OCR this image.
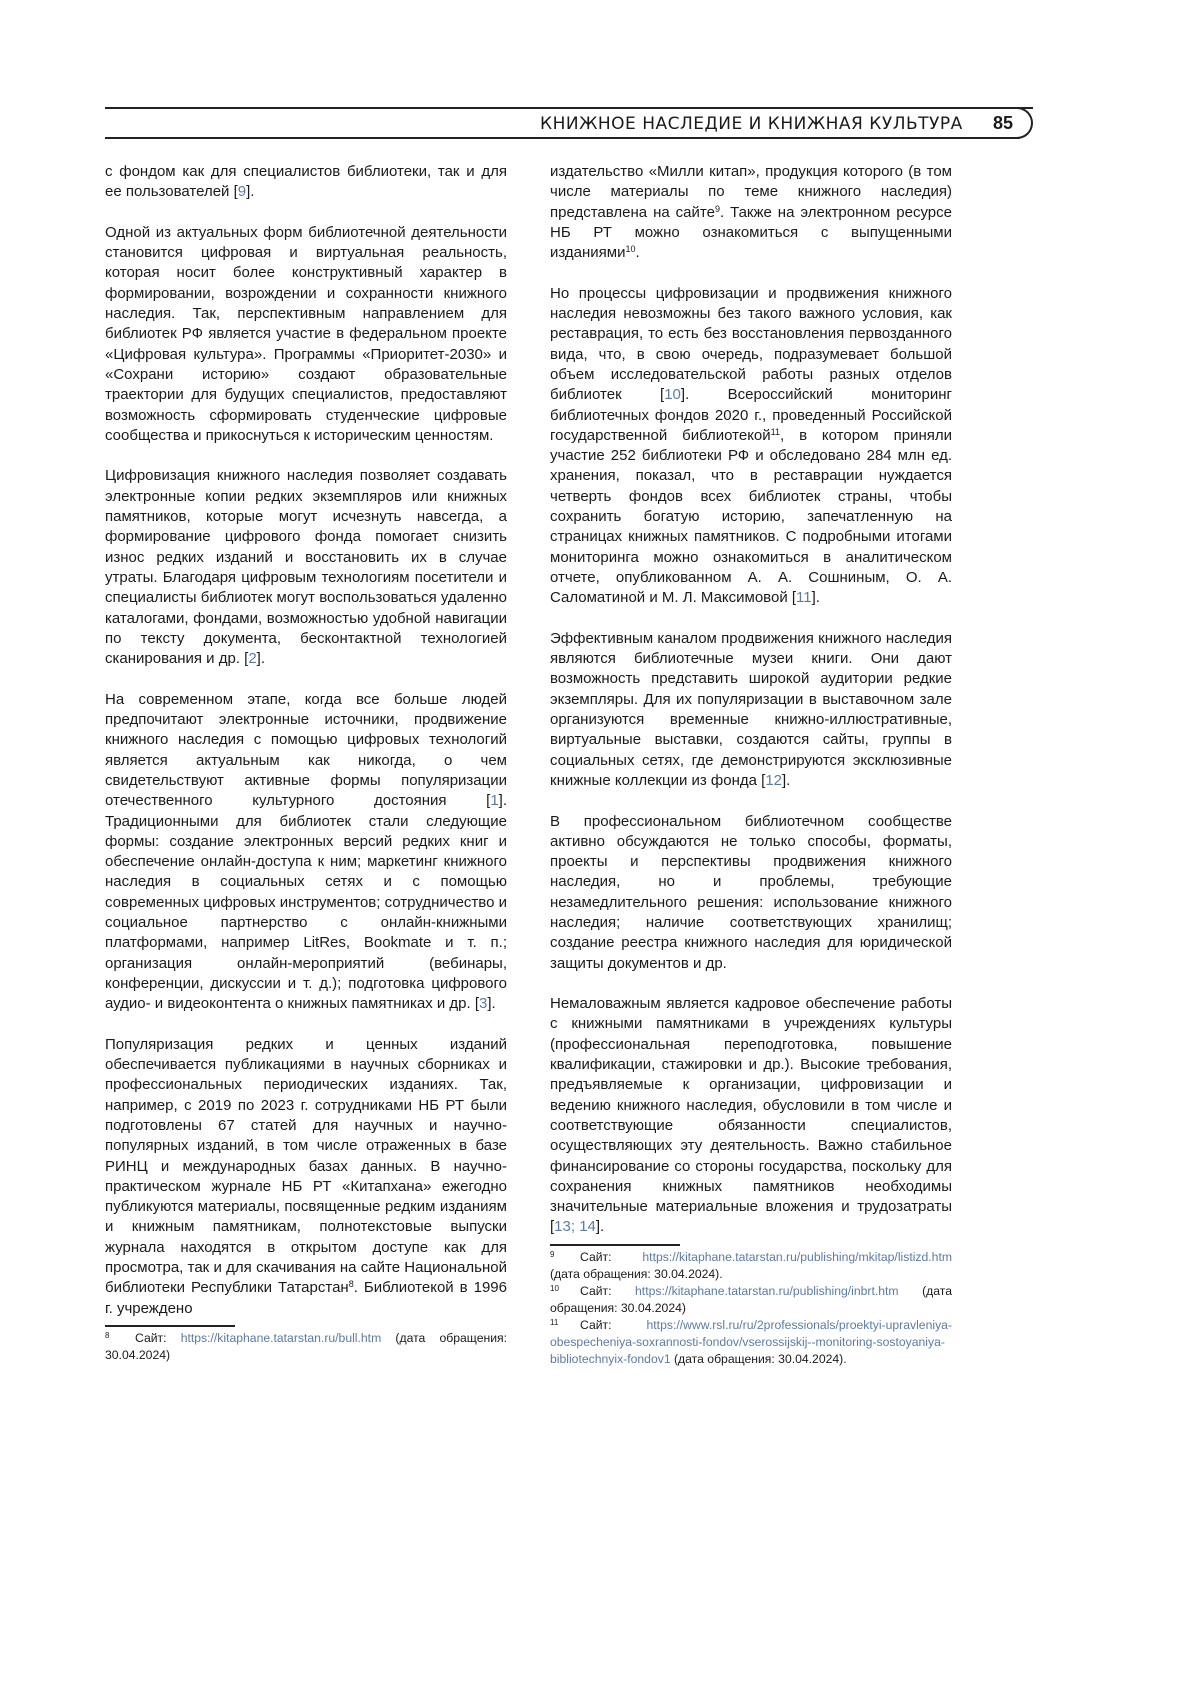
КНИЖНОЕ НАСЛЕДИЕ И КНИЖНАЯ КУЛЬТУРА	85

с фондом как для специалистов библиотеки, так и для ее пользователей [9].

Одной из актуальных форм библиотечной деятельности становится цифровая и виртуальная реальность, которая носит более конструктивный характер в формировании, возрождении и сохранности книжного наследия. Так, перспективным направлением для библиотек РФ является участие в федеральном проекте «Цифровая культура». Программы «Приоритет-2030» и «Сохрани историю» создают образовательные траектории для будущих специалистов, предоставляют возможность сформировать студенческие цифровые сообщества и прикоснуться к историческим ценностям.

Цифровизация книжного наследия позволяет создавать электронные копии редких экземпляров или книжных памятников, которые могут исчезнуть навсегда, а формирование цифрового фонда помогает снизить износ редких изданий и восстановить их в случае утраты. Благодаря цифровым технологиям посетители и специалисты библиотек могут воспользоваться удаленно каталогами, фондами, возможностью удобной навигации по тексту документа, бесконтактной технологией сканирования и др. [2].

На современном этапе, когда все больше людей предпочитают электронные источники, продвижение книжного наследия с помощью цифровых технологий является актуальным как никогда, о чем свидетельствуют активные формы популяризации отечественного культурного достояния [1]. Традиционными для библиотек стали следующие формы: создание электронных версий редких книг и обеспечение онлайн-доступа к ним; маркетинг книжного наследия в социальных сетях и с помощью современных цифровых инструментов; сотрудничество и социальное партнерство с онлайн-книжными платформами, например LitRes, Bookmate и т. п.; организация онлайн-мероприятий (вебинары, конференции, дискуссии и т. д.); подготовка цифрового аудио- и видеоконтента о книжных памятниках и др. [3].

Популяризация редких и ценных изданий обеспечивается публикациями в научных сборниках и профессиональных периодических изданиях. Так, например, с 2019 по 2023 г. сотрудниками НБ РТ были подготовлены 67 статей для научных и научно-популярных изданий, в том числе отраженных в базе РИНЦ и международных базах данных. В научно-практическом журнале НБ РТ «Китапхана» ежегодно публикуются материалы, посвященные редким изданиям и книжным памятникам, полнотекстовые выпуски журнала находятся в открытом доступе как для просмотра, так и для скачивания на сайте Национальной библиотеки Республики Татарстан8. Библиотекой в 1996 г. учреждено

8 Сайт: https://kitaphane.tatarstan.ru/bull.htm (дата обращения: 30.04.2024)

издательство «Милли китап», продукция которого (в том числе материалы по теме книжного наследия) представлена на сайте9. Также на электронном ресурсе НБ РТ можно ознакомиться с выпущенными изданиями10.

Но процессы цифровизации и продвижения книжного наследия невозможны без такого важного условия, как реставрация, то есть без восстановления первозданного вида, что, в свою очередь, подразумевает большой объем исследовательской работы разных отделов библиотек [10]. Всероссийский мониторинг библиотечных фондов 2020 г., проведенный Российской государственной библиотекой11, в котором приняли участие 252 библиотеки РФ и обследовано 284 млн ед. хранения, показал, что в реставрации нуждается четверть фондов всех библиотек страны, чтобы сохранить богатую историю, запечатленную на страницах книжных памятников. С подробными итогами мониторинга можно ознакомиться в аналитическом отчете, опубликованном А. А. Сошниным, О. А. Саломатиной и М. Л. Максимовой [11].

Эффективным каналом продвижения книжного наследия являются библиотечные музеи книги. Они дают возможность представить широкой аудитории редкие экземпляры. Для их популяризации в выставочном зале организуются временные книжно-иллюстративные, виртуальные выставки, создаются сайты, группы в социальных сетях, где демонстрируются эксклюзивные книжные коллекции из фонда [12].

В профессиональном библиотечном сообществе активно обсуждаются не только способы, форматы, проекты и перспективы продвижения книжного наследия, но и проблемы, требующие незамедлительного решения: использование книжного наследия; наличие соответствующих хранилищ; создание реестра книжного наследия для юридической защиты документов и др.

Немаловажным является кадровое обеспечение работы с книжными памятниками в учреждениях культуры (профессиональная переподготовка, повышение квалификации, стажировки и др.). Высокие требования, предъявляемые к организации, цифровизации и ведению книжного наследия, обусловили в том числе и соответствующие обязанности специалистов, осуществляющих эту деятельность. Важно стабильное финансирование со стороны государства, поскольку для сохранения книжных памятников необходимы значительные материальные вложения и трудозатраты [13; 14].

9 Сайт:	https://kitaphane.tatarstan.ru/publishing/mkitap/listizd.htm (дата обращения: 30.04.2024).

10 Сайт: https://kitaphane.tatarstan.ru/publishing/inbrt.htm (дата обращения: 30.04.2024)

11 Сайт:	https://www.rsl.ru/ru/2professionals/proektyi-upravleniya-obespecheniya-soxrannosti-fondov/vserossijskij--monitoring-sostoyaniya-bibliotechnyix-fondov1 (дата обращения: 30.04.2024).
